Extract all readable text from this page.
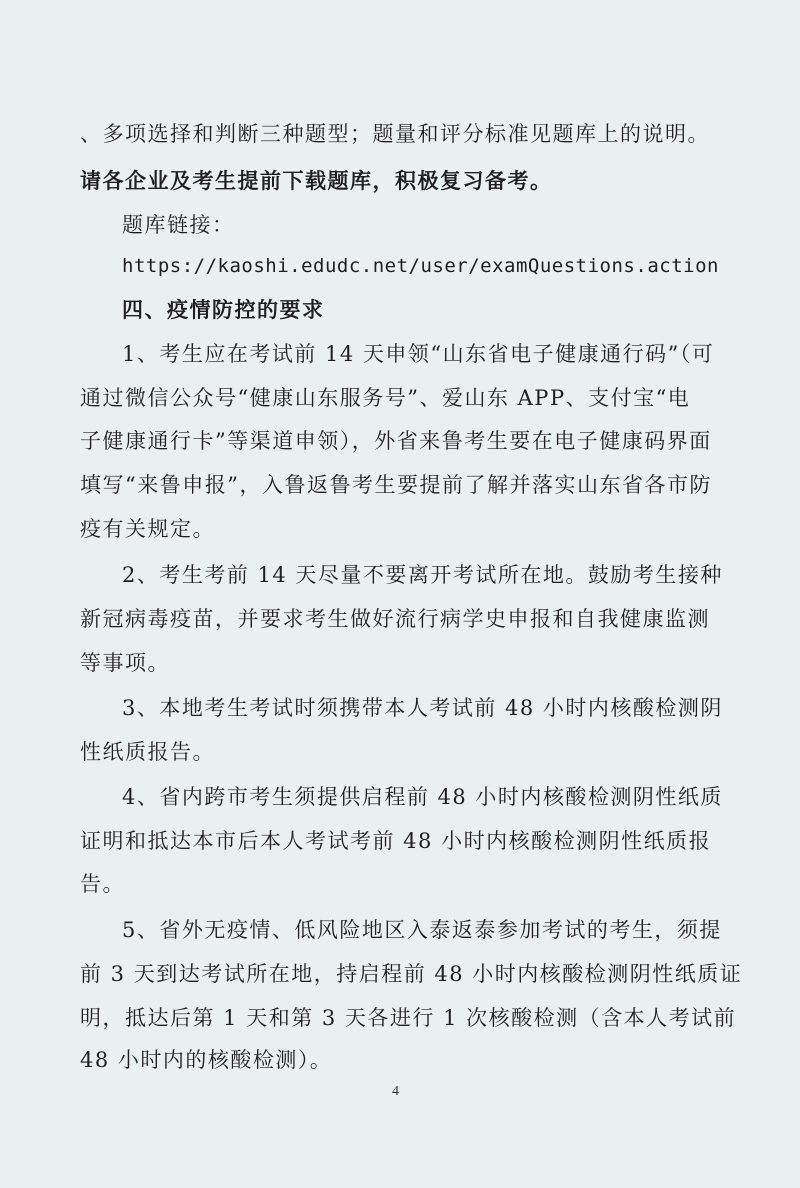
、多项选择和判断三种题型；题量和评分标准见题库上的说明。
请各企业及考生提前下载题库，积极复习备考。
题库链接：
https://kaoshi.edudc.net/user/examQuestions.action
四、疫情防控的要求
1、考生应在考试前 14 天申领“山东省电子健康通行码”（可
通过微信公众号“健康山东服务号”、爱山东 APP、支付宝“电
子健康通行卡”等渠道申领），外省来鲁考生要在电子健康码界面
填写“来鲁申报”，入鲁返鲁考生要提前了解并落实山东省各市防
疫有关规定。
2、考生考前 14 天尽量不要离开考试所在地。鼓励考生接种
新冠病毒疫苗，并要求考生做好流行病学史申报和自我健康监测
等事项。
3、本地考生考试时须携带本人考试前 48 小时内核酸检测阴
性纸质报告。
4、省内跨市考生须提供启程前 48 小时内核酸检测阴性纸质
证明和抵达本市后本人考试考前 48 小时内核酸检测阴性纸质报
告。
5、省外无疫情、低风险地区入泰返泰参加考试的考生，须提
前 3 天到达考试所在地，持启程前 48 小时内核酸检测阴性纸质证
明，抵达后第 1 天和第 3 天各进行 1 次核酸检测（含本人考试前
48 小时内的核酸检测）。
4
